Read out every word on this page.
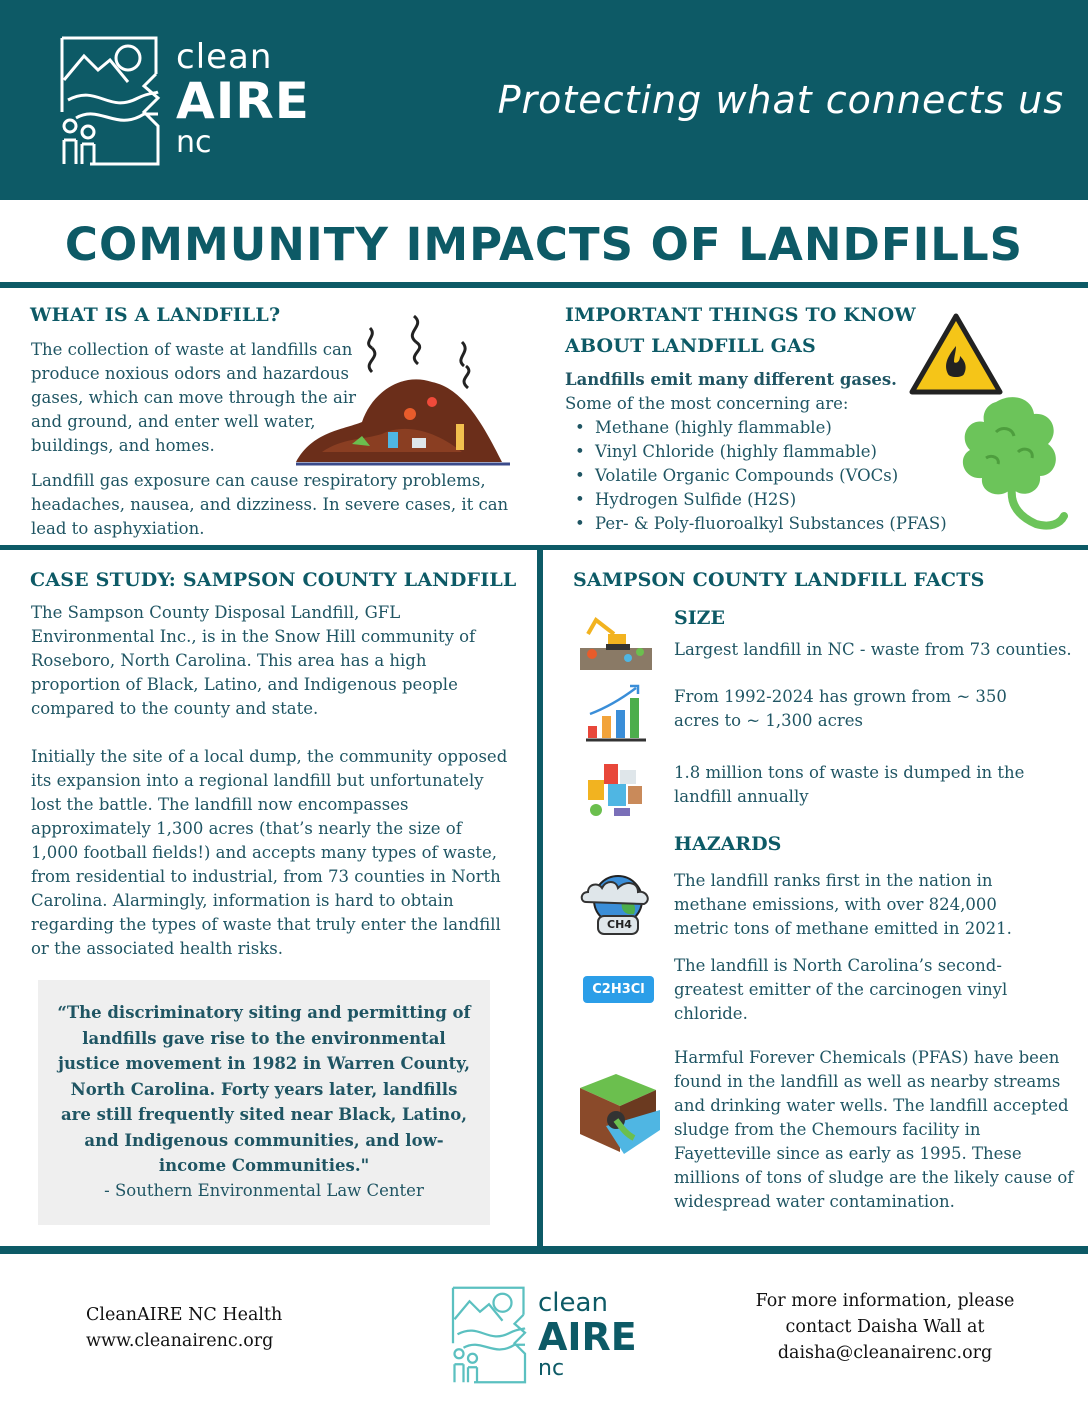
clean
AIRE
nc
Protecting what connects us
COMMUNITY IMPACTS OF LANDFILLS
WHAT IS A LANDFILL?
The collection of waste at landfills can produce noxious odors and hazardous gases, which can move through the air and ground, and enter well water, buildings, and homes.
Landfill gas exposure can cause respiratory problems, headaches, nausea, and dizziness. In severe cases, it can lead to asphyxiation.
IMPORTANT THINGS TO KNOW
ABOUT LANDFILL GAS
Landfills emit many different gases.
Some of the most concerning are:
• Methane (highly flammable)
• Vinyl Chloride (highly flammable)
• Volatile Organic Compounds (VOCs)
• Hydrogen Sulfide (H2S)
• Per- & Poly-fluoroalkyl Substances (PFAS)
CASE STUDY: SAMPSON COUNTY LANDFILL

The Sampson County Disposal Landfill, GFL Environmental Inc., is in the Snow Hill community of Roseboro, North Carolina. This area has a high proportion of Black, Latino, and Indigenous people compared to the county and state.

Initially the site of a local dump, the community opposed its expansion into a regional landfill but unfortunately lost the battle. The landfill now encompasses approximately 1,300 acres (that’s nearly the size of 1,000 football fields!) and accepts many types of waste, from residential to industrial, from 73 counties in North Carolina. Alarmingly, information is hard to obtain regarding the types of waste that truly enter the landfill or the associated health risks.

“The discriminatory siting and permitting of landfills gave rise to the environmental justice movement in 1982 in Warren County, North Carolina. Forty years later, landfills are still frequently sited near Black, Latino, and Indigenous communities, and low-income Communities."
- Southern Environmental Law Center
SAMPSON COUNTY LANDFILL FACTS
SIZE
Largest landfill in NC - waste from 73 counties.
From 1992-2024 has grown from ~ 350 acres to ~ 1,300 acres
1.8 million tons of waste is dumped in the landfill annually
HAZARDS
CH4
The landfill ranks first in the nation in methane emissions, with over 824,000 metric tons of methane emitted in 2021.
C2H3Cl
The landfill is North Carolina’s second-greatest emitter of the carcinogen vinyl chloride.
Harmful Forever Chemicals (PFAS) have been found in the landfill as well as nearby streams and drinking water wells. The landfill accepted sludge from the Chemours facility in Fayetteville since as early as 1995. These millions of tons of sludge are the likely cause of widespread water contamination.
CleanAIRE NC Health
www.cleanairenc.org
clean
AIRE
nc
For more information, please
contact Daisha Wall at
daisha@cleanairenc.org
